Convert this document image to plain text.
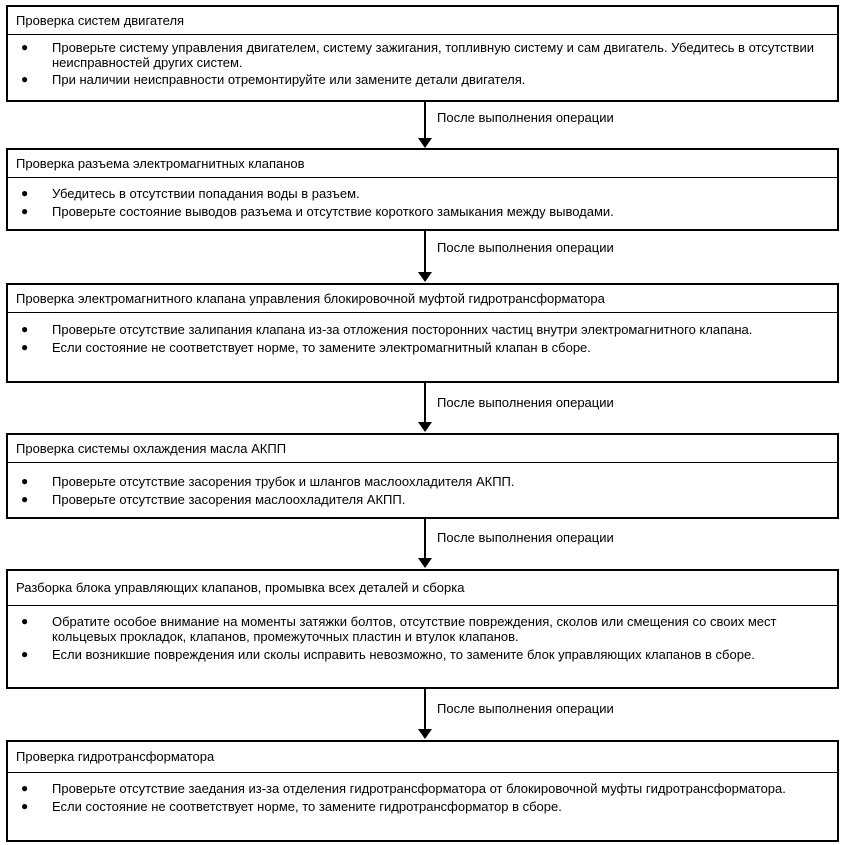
Проверка систем двигателя
● Проверьте систему управления двигателем, систему зажигания, топливную систему и сам двигатель. Убедитесь в отсутствии неисправностей других систем.
● При наличии неисправности отремонтируйте или замените детали двигателя.
После выполнения операции
Проверка разъема электромагнитных клапанов
● Убедитесь в отсутствии попадания воды в разъем.
● Проверьте состояние выводов разъема и отсутствие короткого замыкания между выводами.
После выполнения операции
Проверка электромагнитного клапана управления блокировочной муфтой гидротрансформатора
● Проверьте отсутствие залипания клапана из-за отложения посторонних частиц внутри электромагнитного клапана.
● Если состояние не соответствует норме, то замените электромагнитный клапан в сборе.
После выполнения операции
Проверка системы охлаждения масла АКПП
● Проверьте отсутствие засорения трубок и шлангов маслоохладителя АКПП.
● Проверьте отсутствие засорения маслоохладителя АКПП.
После выполнения операции
Разборка блока управляющих клапанов, промывка всех деталей и сборка
● Обратите особое внимание на моменты затяжки болтов, отсутствие повреждения, сколов или смещения со своих мест кольцевых прокладок, клапанов, промежуточных пластин и втулок клапанов.
● Если возникшие повреждения или сколы исправить невозможно, то замените блок управляющих клапанов в сборе.
После выполнения операции
Проверка гидротрансформатора
● Проверьте отсутствие заедания из-за отделения гидротрансформатора от блокировочной муфты гидротрансформатора.
● Если состояние не соответствует норме, то замените гидротрансформатор в сборе.
